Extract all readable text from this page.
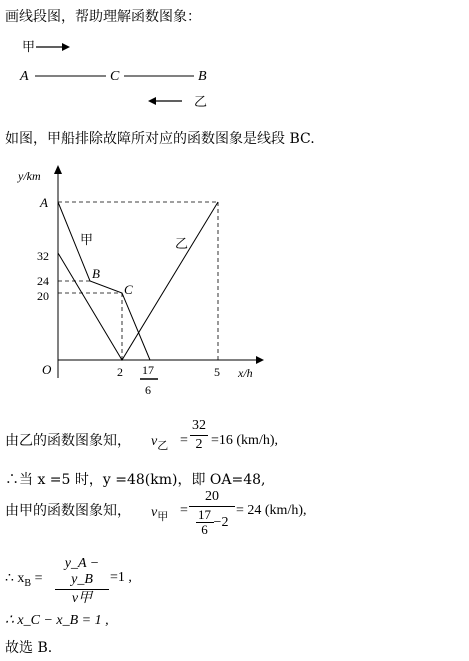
画线段图，帮助理解函数图象：
甲
A	C	B
乙
如图，甲船排除故障所对应的函数图象是线段 BC.
y/km
x/h
O
A
32
24
20
甲	乙
B
C
2 17
6
5
由乙的函数图象知， $v_乙$ =
32
2 =16 (km/h),
∴当 x =5 时，y =48(km)，即 OA=48,
由甲的函数图象知， $v_甲$ =
20
17
6 −2
= 24 (km/h),
∴ $x_B$ =
y_A − y_B
v甲
=1 ,
∴ x_C − x_B = 1 ,
故选 B.
